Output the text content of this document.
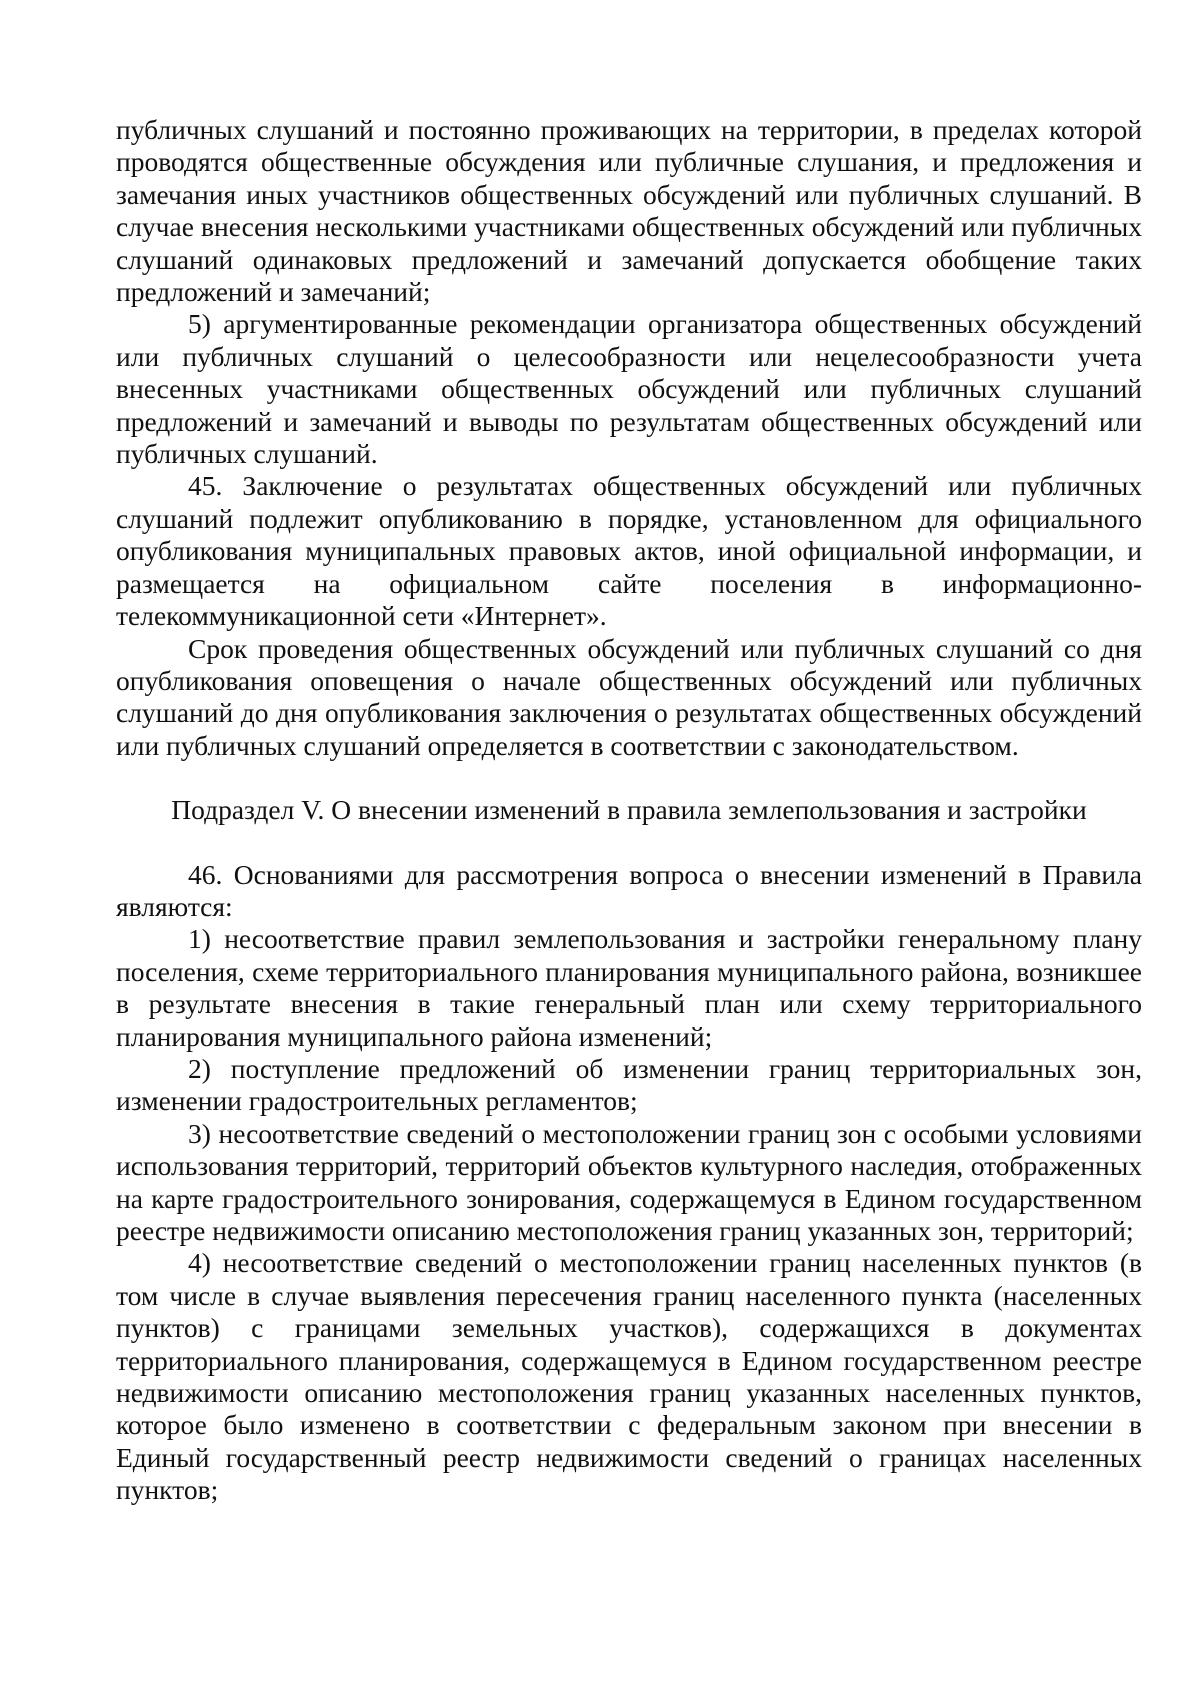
публичных слушаний и постоянно проживающих на территории, в пределах которой проводятся общественные обсуждения или публичные слушания, и предложения и замечания иных участников общественных обсуждений или публичных слушаний. В случае внесения несколькими участниками общественных обсуждений или публичных слушаний одинаковых предложений и замечаний допускается обобщение таких предложений и замечаний;

5) аргументированные рекомендации организатора общественных обсуждений или публичных слушаний о целесообразности или нецелесообразности учета внесенных участниками общественных обсуждений или публичных слушаний предложений и замечаний и выводы по результатам общественных обсуждений или публичных слушаний.

45. Заключение о результатах общественных обсуждений или публичных слушаний подлежит опубликованию в порядке, установленном для официального опубликования муниципальных правовых актов, иной официальной информации, и размещается на официальном сайте поселения в информационно-телекоммуникационной сети «Интернет».

Срок проведения общественных обсуждений или публичных слушаний со дня опубликования оповещения о начале общественных обсуждений или публичных слушаний до дня опубликования заключения о результатах общественных обсуждений или публичных слушаний определяется в соответствии с законодательством.

Подраздел V. О внесении изменений в правила землепользования и застройки

46. Основаниями для рассмотрения вопроса о внесении изменений в Правила являются:

1) несоответствие правил землепользования и застройки генеральному плану поселения, схеме территориального планирования муниципального района, возникшее в результате внесения в такие генеральный план или схему территориального планирования муниципального района изменений;

2) поступление предложений об изменении границ территориальных зон, изменении градостроительных регламентов;

3) несоответствие сведений о местоположении границ зон с особыми условиями использования территорий, территорий объектов культурного наследия, отображенных на карте градостроительного зонирования, содержащемуся в Едином государственном реестре недвижимости описанию местоположения границ указанных зон, территорий;

4) несоответствие сведений о местоположении границ населенных пунктов (в том числе в случае выявления пересечения границ населенного пункта (населенных пунктов) с границами земельных участков), содержащихся в документах территориального планирования, содержащемуся в Едином государственном реестре недвижимости описанию местоположения границ указанных населенных пунктов, которое было изменено в соответствии с федеральным законом при внесении в Единый государственный реестр недвижимости сведений о границах населенных пунктов;
